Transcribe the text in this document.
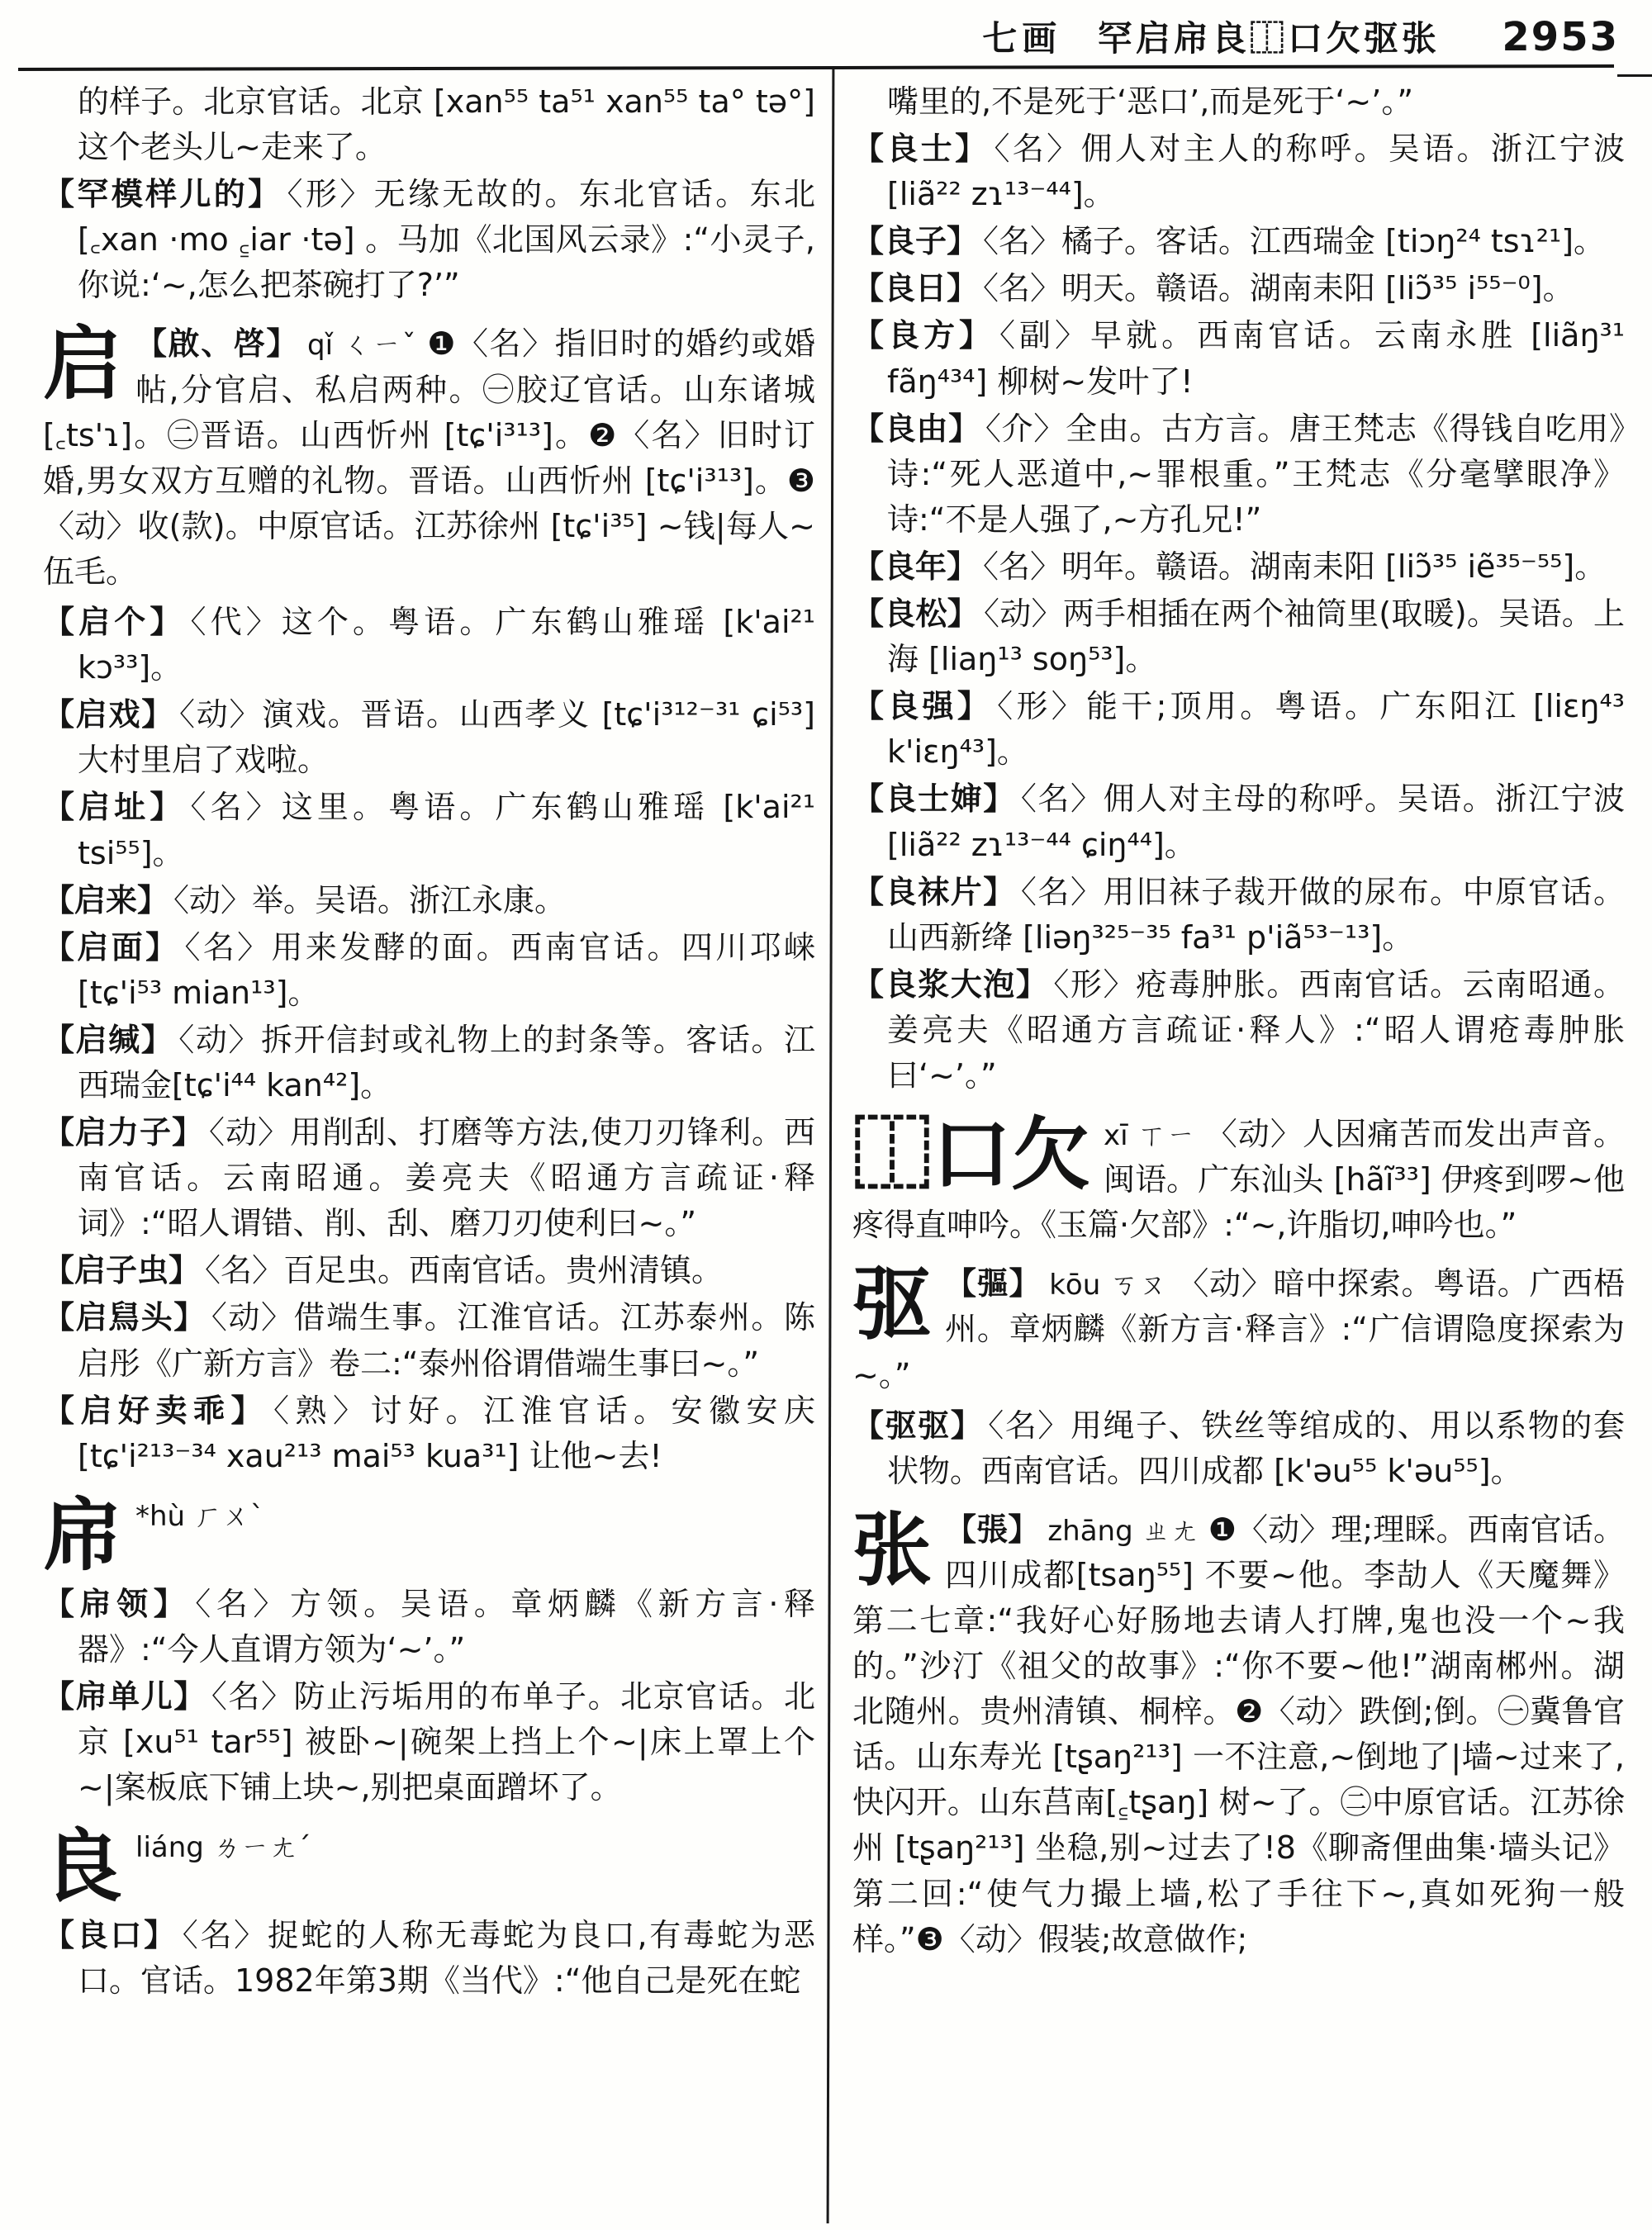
七画 罕启帍良⿰口欠𫸩张 2953
的样子。北京官话。北京 [xan⁵⁵ ta⁵¹ xan⁵⁵ ta° tə°] 这个老头儿~走来了。
【罕模样儿的】 〈形〉无缘无故的。东北官话。东北 [꜀xan ·mo ꜁iar ·tə] 。马加《北国风云录》:“小灵子,你说:‘~,怎么把茶碗打了?’”
启 【啟、啓】 qǐ ㄑㄧˇ ❶〈名〉指旧时的婚约或婚帖,分官启、私启两种。㊀胶辽官话。山东诸城 [꜀ts'ɿ]。㊁晋语。山西忻州 [tɕ'i³¹³]。❷〈名〉旧时订婚,男女双方互赠的礼物。晋语。山西忻州 [tɕ'i³¹³]。❸〈动〉收(款)。中原官话。江苏徐州 [tɕ'i³⁵] ~钱|每人~伍毛。
【启个】 〈代〉这个。粤语。广东鹤山雅瑶 [k'ai²¹ kɔ³³]。
【启戏】 〈动〉演戏。晋语。山西孝义 [tɕ'i³¹²⁻³¹ ɕi⁵³] 大村里启了戏啦。
【启址】 〈名〉这里。粤语。广东鹤山雅瑶 [k'ai²¹ tsi⁵⁵]。
【启来】 〈动〉举。吴语。浙江永康。
【启面】 〈名〉用来发酵的面。西南官话。四川邛崃 [tɕ'i⁵³ mian¹³]。
【启缄】 〈动〉拆开信封或礼物上的封条等。客话。江西瑞金[tɕ'i⁴⁴ kan⁴²]。
【启力子】 〈动〉用削刮、打磨等方法,使刀刃锋利。西南官话。云南昭通。姜亮夫《昭通方言疏证·释词》:“昭人谓错、削、刮、磨刀刃使利曰~。”
【启子虫】 〈名〉百足虫。西南官话。贵州清镇。
【启舃头】 〈动〉借端生事。江淮官话。江苏泰州。陈启彤《广新方言》卷二:“泰州俗谓借端生事曰~。”
【启好卖乖】 〈熟〉讨好。江淮官话。安徽安庆 [tɕ'i²¹³⁻³⁴ xau²¹³ mai⁵³ kua³¹] 让他~去!
帍 *hù ㄏㄨˋ
【帍领】 〈名〉方领。吴语。章炳麟《新方言·释器》:“今人直谓方领为‘~’。”
【帍单儿】 〈名〉防止污垢用的布单子。北京官话。北京 [xu⁵¹ tar⁵⁵] 被卧~|碗架上挡上个~|床上罩上个~|案板底下铺上块~,别把桌面蹭坏了。
良liáng ㄌㄧㄤˊ
【良口】 〈名〉捉蛇的人称无毒蛇为良口,有毒蛇为恶口。官话。1982年第3期《当代》:“他自己是死在蛇
嘴里的,不是死于‘恶口’,而是死于‘~’。”
【良士】 〈名〉佣人对主人的称呼。吴语。浙江宁波 [liã²² zɿ¹³⁻⁴⁴]。
【良子】 〈名〉橘子。客话。江西瑞金 [tiɔŋ²⁴ tsɿ²¹]。
【良日】 〈名〉明天。赣语。湖南耒阳 [liɔ̃³⁵ i⁵⁵⁻⁰]。
【良方】 〈副〉早就。西南官话。云南永胜 [liãŋ³¹ fãŋ⁴³⁴] 柳树~发叶了!
【良由】 〈介〉全由。古方言。唐王梵志《得钱自吃用》诗:“死人恶道中,~罪根重。”王梵志《分毫擘眼净》诗:“不是人强了,~方孔兄!”
【良年】 〈名〉明年。赣语。湖南耒阳 [liɔ̃³⁵ iẽ³⁵⁻⁵⁵]。
【良松】 〈动〉两手相插在两个袖筒里(取暖)。吴语。上海 [liaŋ¹³ soŋ⁵³]。
【良强】 〈形〉能干;顶用。粤语。广东阳江 [liɛŋ⁴³ k'iɛŋ⁴³]。
【良士婶】 〈名〉佣人对主母的称呼。吴语。浙江宁波 [liã²² zɿ¹³⁻⁴⁴ ɕiŋ⁴⁴]。
【良袜片】 〈名〉用旧袜子裁开做的尿布。中原官话。山西新绛 [liəŋ³²⁵⁻³⁵ fa³¹ p'iã⁵³⁻¹³]。
【良浆大泡】 〈形〉疮毒肿胀。西南官话。云南昭通。姜亮夫《昭通方言疏证·释人》:“昭人谓疮毒肿胀曰‘~’。”
⿰口欠 xī ㄒㄧ 〈动〉人因痛苦而发出声音。闽语。广东汕头 [hãĩ³³] 伊疼到啰~他疼得直呻吟。《玉篇·欠部》:“~,许脂切,呻吟也。”
𫸩 【彄】 kōu ㄎㄡ 〈动〉暗中探索。粤语。广西梧州。章炳麟《新方言·释言》:“广信谓隐度探索为~。”
【𫸩𫸩】 〈名〉用绳子、铁丝等绾成的、用以系物的套状物。西南官话。四川成都 [k'əu⁵⁵ k'əu⁵⁵]。
张 【張】 zhāng ㄓㄤ ❶〈动〉理;理睬。西南官话。四川成都[tsaŋ⁵⁵] 不要~他。李劼人《天魔舞》第二七章:“我好心好肠地去请人打牌,鬼也没一个~我的。”沙汀《祖父的故事》:“你不要~他!”湖南郴州。湖北随州。贵州清镇、桐梓。❷〈动〉跌倒;倒。㊀冀鲁官话。山东寿光 [tʂaŋ²¹³] 一不注意,~倒地了|墙~过来了,快闪开。山东莒南[꜁tʂaŋ] 树~了。㊁中原官话。江苏徐州 [tʂaŋ²¹³] 坐稳,别~过去了!8《聊斋俚曲集·墙头记》第二回:“使气力撮上墙,松了手往下~,真如死狗一般样。”❸〈动〉假装;故意做作;
